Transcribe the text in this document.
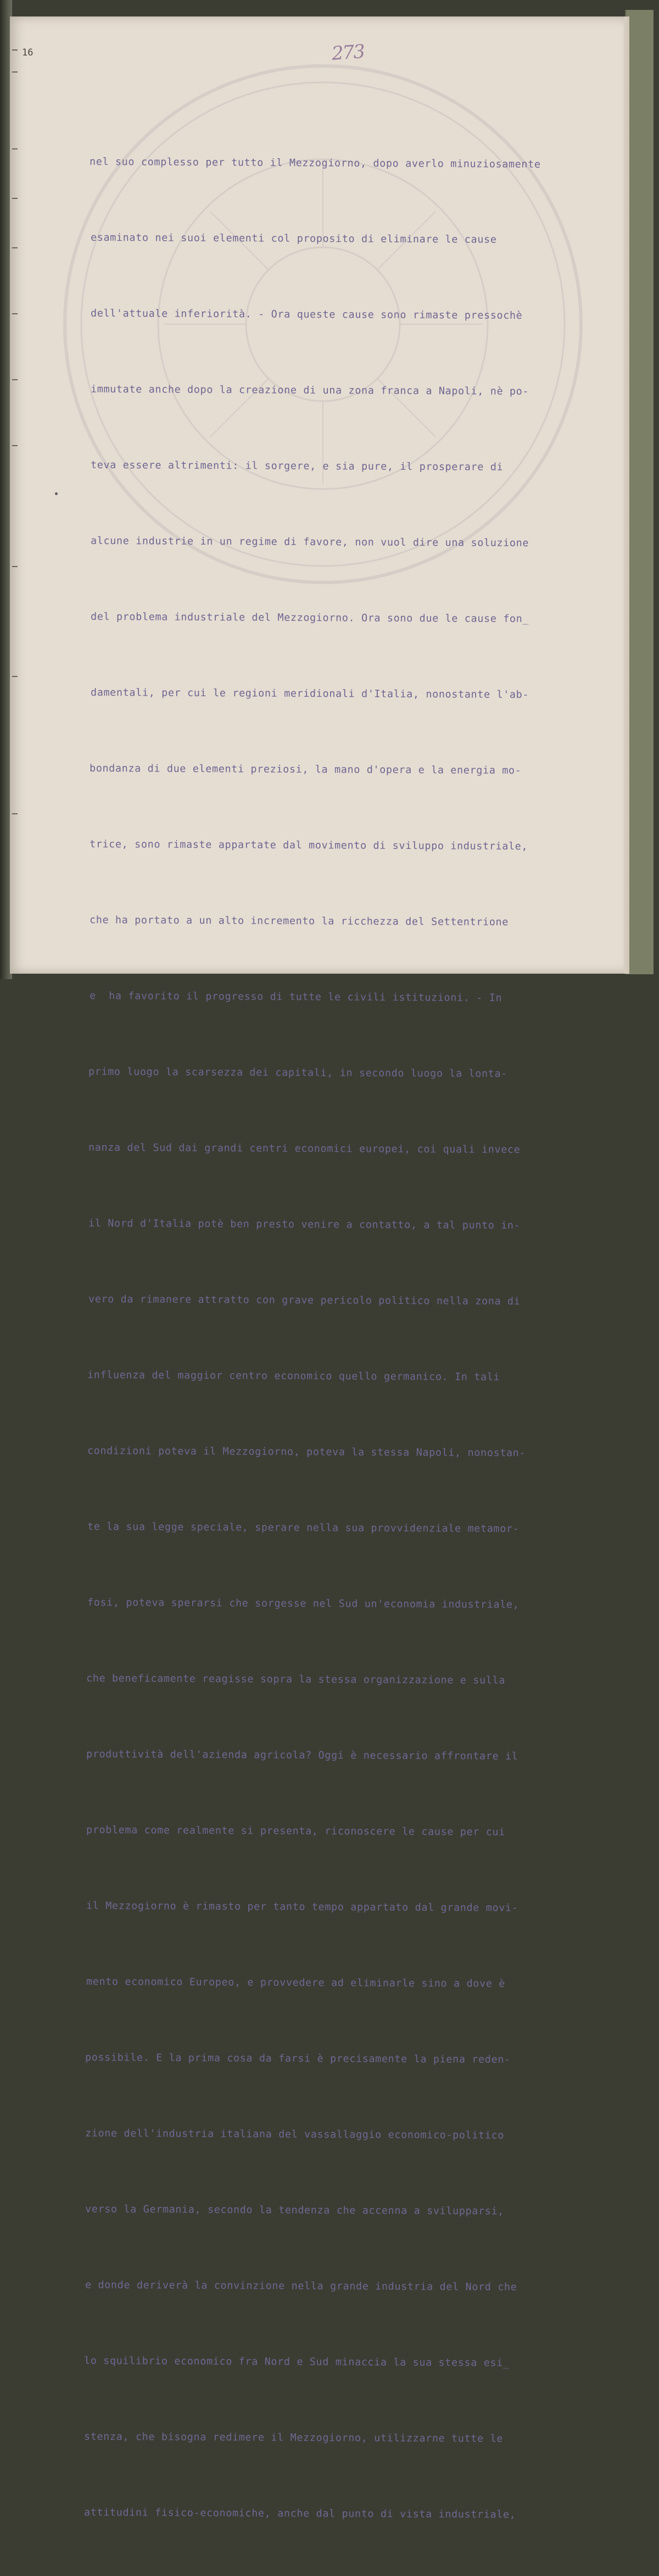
16	273

nel suo complesso per tutto il Mezzogiorno, dopo averlo minuziosamente

esaminato nei suoi elementi col proposito di eliminare le cause

dell'attuale inferiorità. - Ora queste cause sono rimaste pressochè

immutate anche dopo la creazione di una zona franca a Napoli, nè po-

teva essere altrimenti: il sorgere, e sia pure, il prosperare di

alcune industrie in un regime di favore, non vuol dire una soluzione

del problema industriale del Mezzogiorno. Ora sono due le cause fon_

damentali, per cui le regioni meridionali d'Italia, nonostante l'ab-

bondanza di due elementi preziosi, la mano d'opera e la energia mo-

trice, sono rimaste appartate dal movimento di sviluppo industriale,

che ha portato a un alto incremento la ricchezza del Settentrione

e  ha favorito il progresso di tutte le civili istituzioni. - In

primo luogo la scarsezza dei capitali, in secondo luogo la lonta-

nanza del Sud dai grandi centri economici europei, coi quali invece

il Nord d'Italia potè ben presto venire a contatto, a tal punto in-

vero da rimanere attratto con grave pericolo politico nella zona di

influenza del maggior centro economico quello germanico. In tali

condizioni poteva il Mezzogiorno, poteva la stessa Napoli, nonostan-

te la sua legge speciale, sperare nella sua provvidenziale metamor-

fosi, poteva sperarsi che sorgesse nel Sud un'economia industriale,

che beneficamente reagisse sopra la stessa organizzazione e sulla

produttività dell'azienda agricola? Oggi è necessario affrontare il

problema come realmente si presenta, riconoscere le cause per cui

il Mezzogiorno è rimasto per tanto tempo appartato dal grande movi-

mento economico Europeo, e provvedere ad eliminarle sino a dove è

possibile. E la prima cosa da farsi è precisamente la piena reden-

zione dell'industria italiana del vassallaggio economico-politico

verso la Germania, secondo la tendenza che accenna a svilupparsi,

e donde deriverà la convinzione nella grande industria del Nord che

lo squilibrio economico fra Nord e Sud minaccia la sua stessa esi_

stenza, che bisogna redimere il Mezzogiorno, utilizzarne tutte le

attitudini fisico-economiche, anche dal punto di vista industriale,
